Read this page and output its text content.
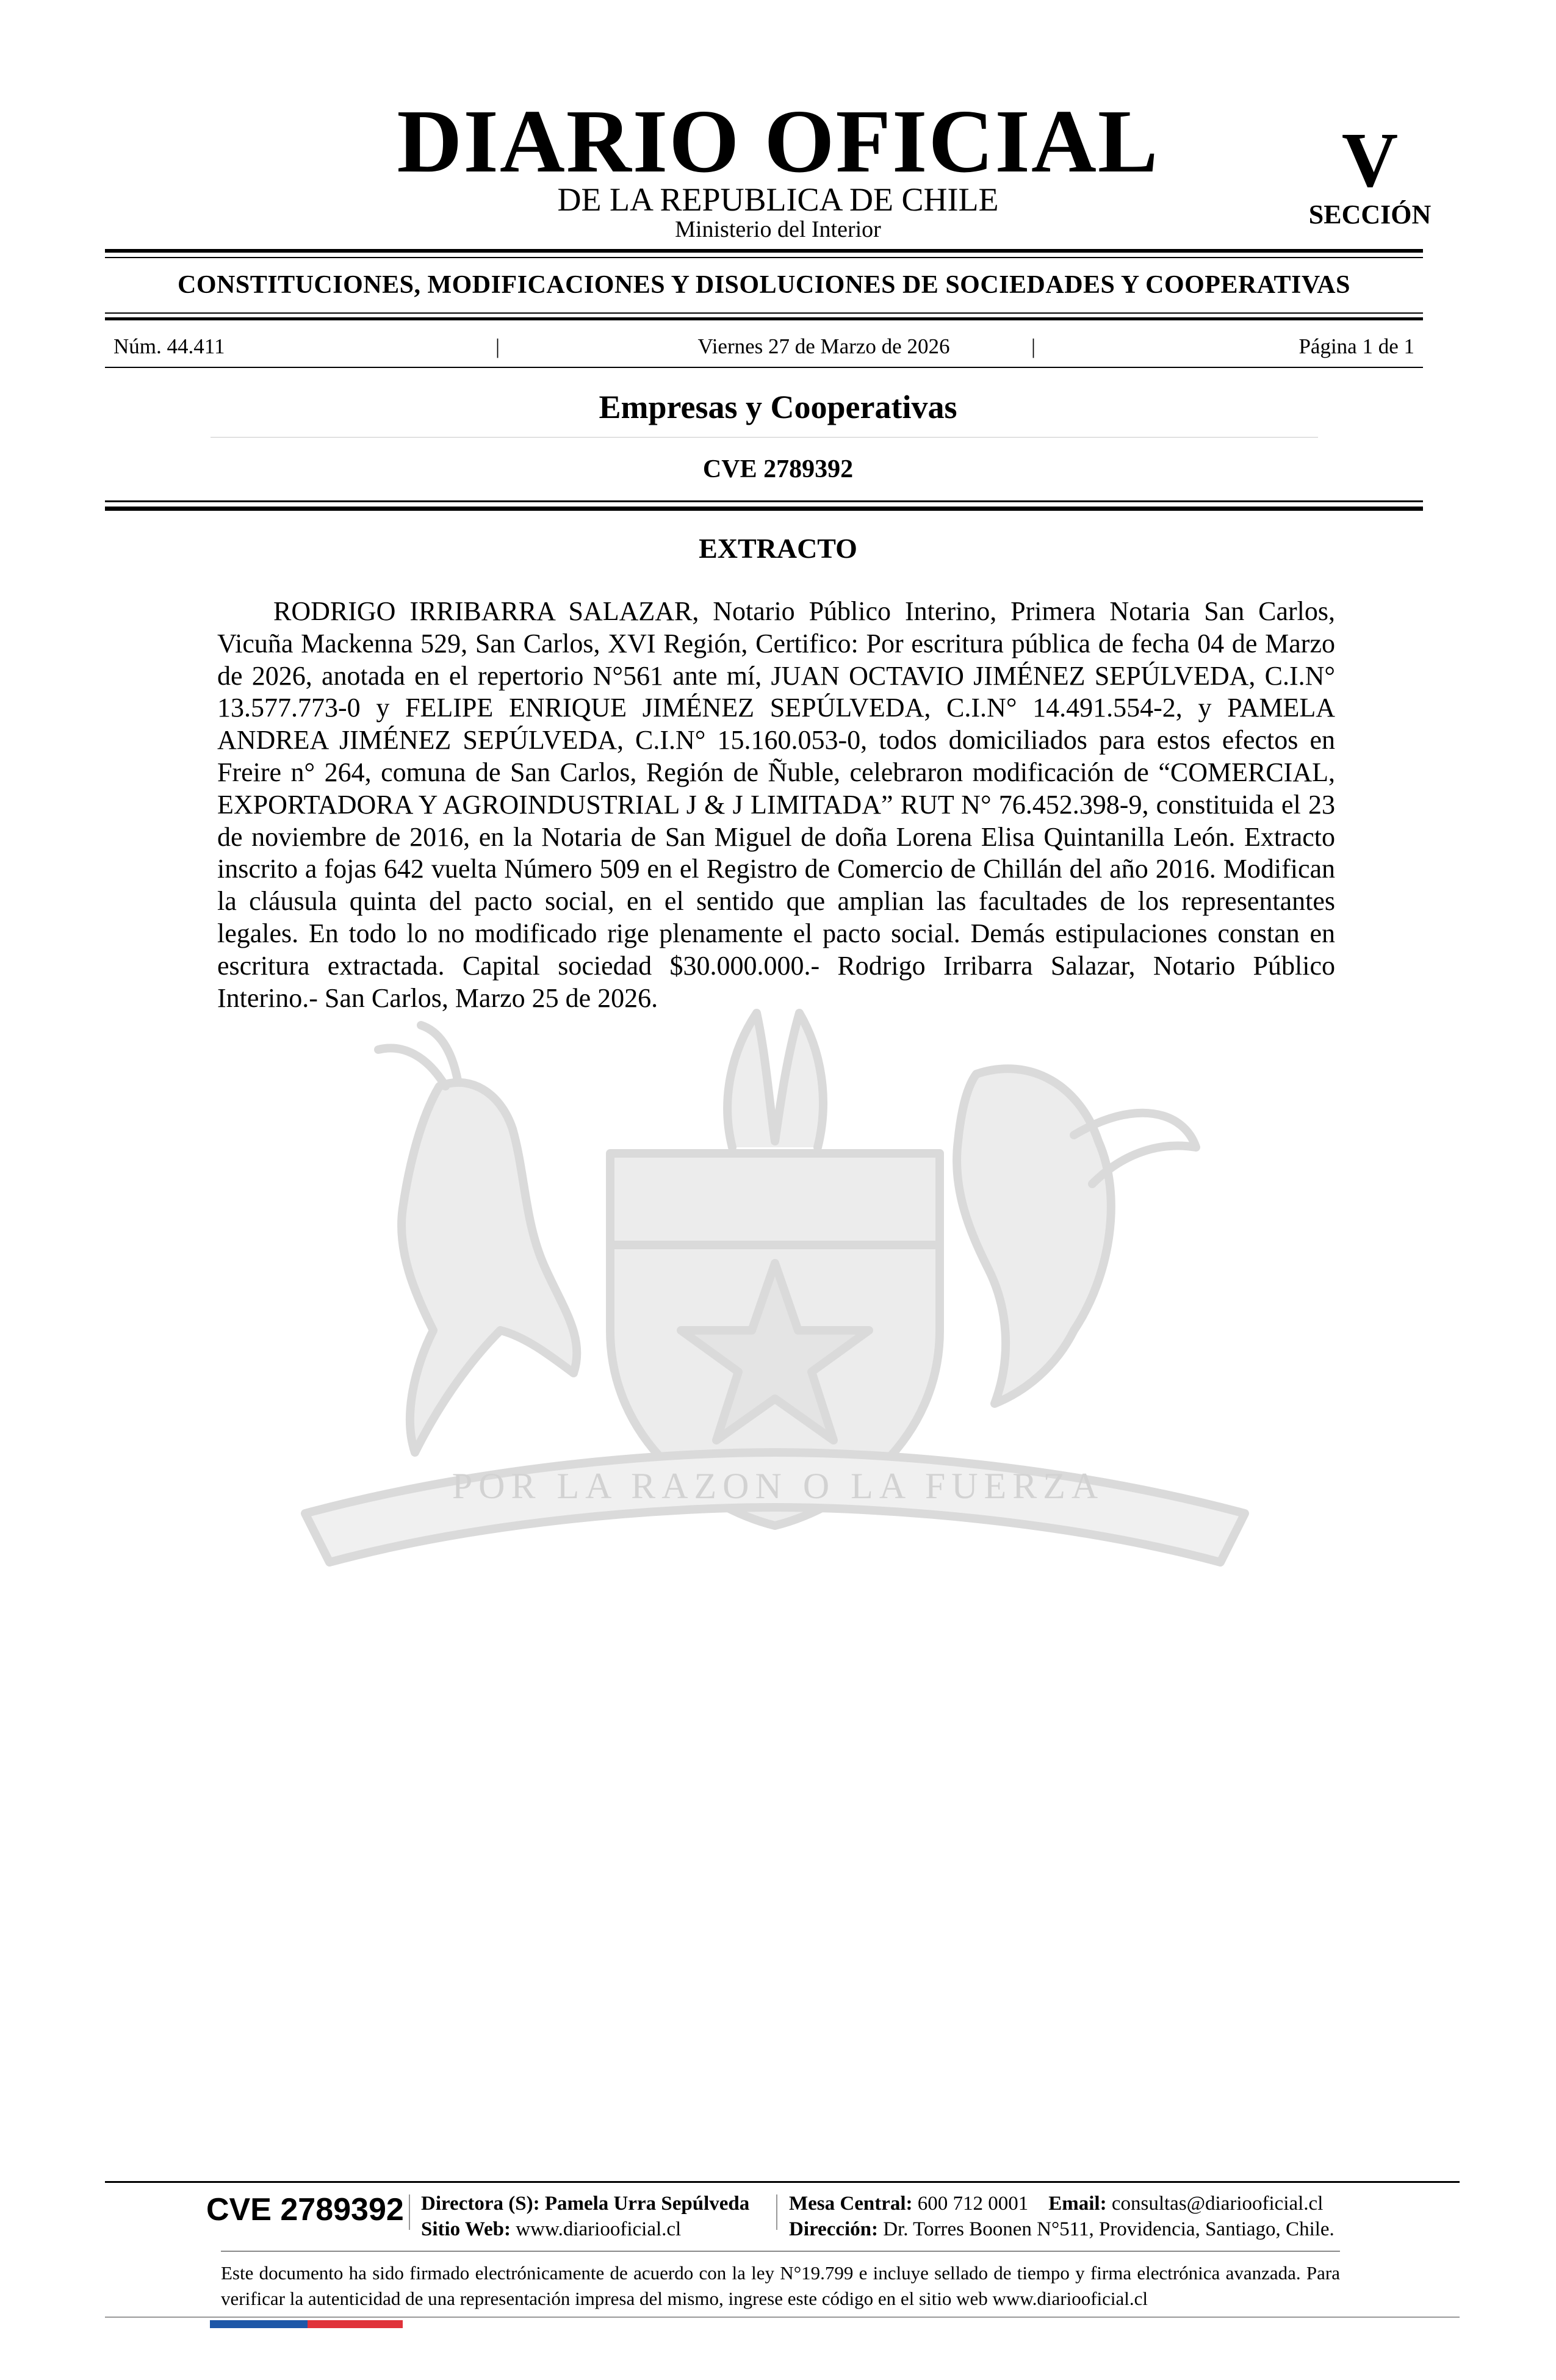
DIARIO OFICIAL
DE LA REPUBLICA DE CHILE
Ministerio del Interior
V
SECCIÓN
CONSTITUCIONES, MODIFICACIONES Y DISOLUCIONES DE SOCIEDADES Y COOPERATIVAS
Núm. 44.411	|	Viernes 27 de Marzo de 2026	|	Página 1 de 1
Empresas y Cooperativas
CVE 2789392
POR LA RAZON O LA FUERZA
EXTRACTO
RODRIGO IRRIBARRA SALAZAR, Notario Público Interino, Primera Notaria San Carlos, Vicuña Mackenna 529, San Carlos, XVI Región, Certifico: Por escritura pública de fecha 04 de Marzo de 2026, anotada en el repertorio N°561 ante mí, JUAN OCTAVIO JIMÉNEZ SEPÚLVEDA, C.I.N° 13.577.773-0 y FELIPE ENRIQUE JIMÉNEZ SEPÚLVEDA, C.I.N° 14.491.554-2, y PAMELA ANDREA JIMÉNEZ SEPÚLVEDA, C.I.N° 15.160.053-0, todos domiciliados para estos efectos en Freire n° 264, comuna de San Carlos, Región de Ñuble, celebraron modificación de “COMERCIAL, EXPORTADORA Y AGROINDUSTRIAL J & J LIMITADA” RUT N° 76.452.398-9, constituida el 23 de noviembre de 2016, en la Notaria de San Miguel de doña Lorena Elisa Quintanilla León. Extracto inscrito a fojas 642 vuelta Número 509 en el Registro de Comercio de Chillán del año 2016. Modifican la cláusula quinta del pacto social, en el sentido que amplian las facultades de los representantes legales. En todo lo no modificado rige plenamente el pacto social. Demás estipulaciones constan en escritura extractada. Capital sociedad $30.000.000.- Rodrigo Irribarra Salazar, Notario Público Interino.- San Carlos, Marzo 25 de 2026.
CVE 2789392 Directora (S): Pamela Urra Sepúlveda
Sitio Web: www.diariooficial.cl
Mesa Central: 600 712 0001 Email: consultas@diariooficial.cl
Dirección: Dr. Torres Boonen N°511, Providencia, Santiago, Chile.
Este documento ha sido firmado electrónicamente de acuerdo con la ley N°19.799 e incluye sellado de tiempo y firma electrónica avanzada. Para verificar la autenticidad de una representación impresa del mismo, ingrese este código en el sitio web www.diariooficial.cl
